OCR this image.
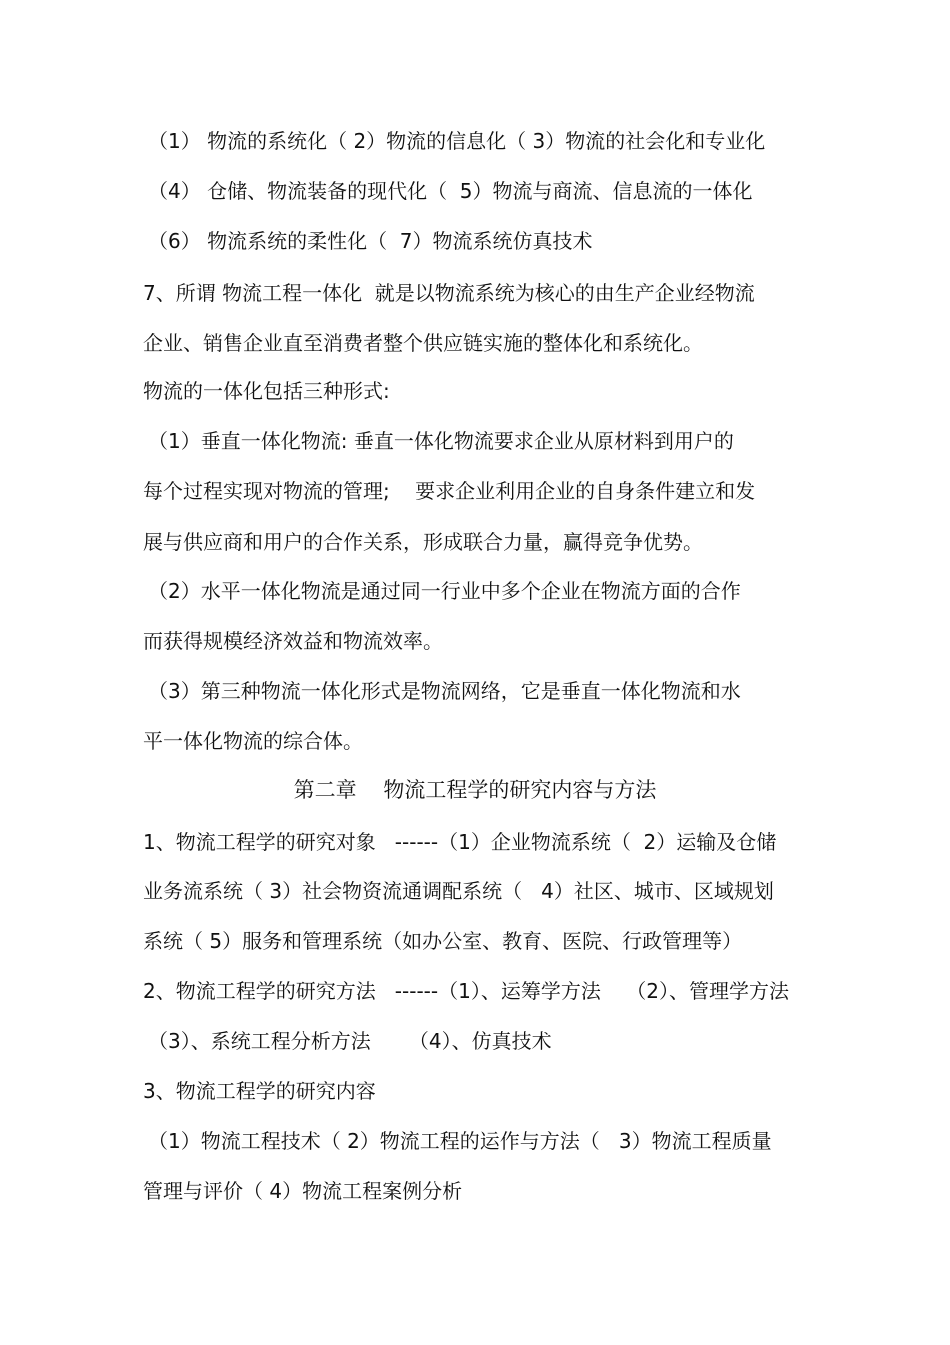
（1） 物流的系统化（ 2）物流的信息化（ 3）物流的社会化和专业化
（4） 仓储、物流装备的现代化（  5）物流与商流、信息流的一体化
（6） 物流系统的柔性化（  7）物流系统仿真技术
7、所谓 物流工程一体化  就是以物流系统为核心的由生产企业经物流
企业、销售企业直至消费者整个供应链实施的整体化和系统化。
物流的一体化包括三种形式:
（1）垂直一体化物流: 垂直一体化物流要求企业从原材料到用户的
每个过程实现对物流的管理;    要求企业利用企业的自身条件建立和发
展与供应商和用户的合作关系，形成联合力量，赢得竞争优势。
（2）水平一体化物流是通过同一行业中多个企业在物流方面的合作
而获得规模经济效益和物流效率。
（3）第三种物流一体化形式是物流网络，它是垂直一体化物流和水
平一体化物流的综合体。
第二章    物流工程学的研究内容与方法
1、物流工程学的研究对象   ------（1）企业物流系统（  2）运输及仓储
业务流系统（ 3）社会物资流通调配系统（   4）社区、城市、区域规划
系统（ 5）服务和管理系统（如办公室、教育、医院、行政管理等）
2、物流工程学的研究方法   ------（1）、运筹学方法    （2）、管理学方法
（3）、系统工程分析方法      （4）、仿真技术
3、物流工程学的研究内容
（1）物流工程技术（ 2）物流工程的运作与方法（   3）物流工程质量
管理与评价（ 4）物流工程案例分析
